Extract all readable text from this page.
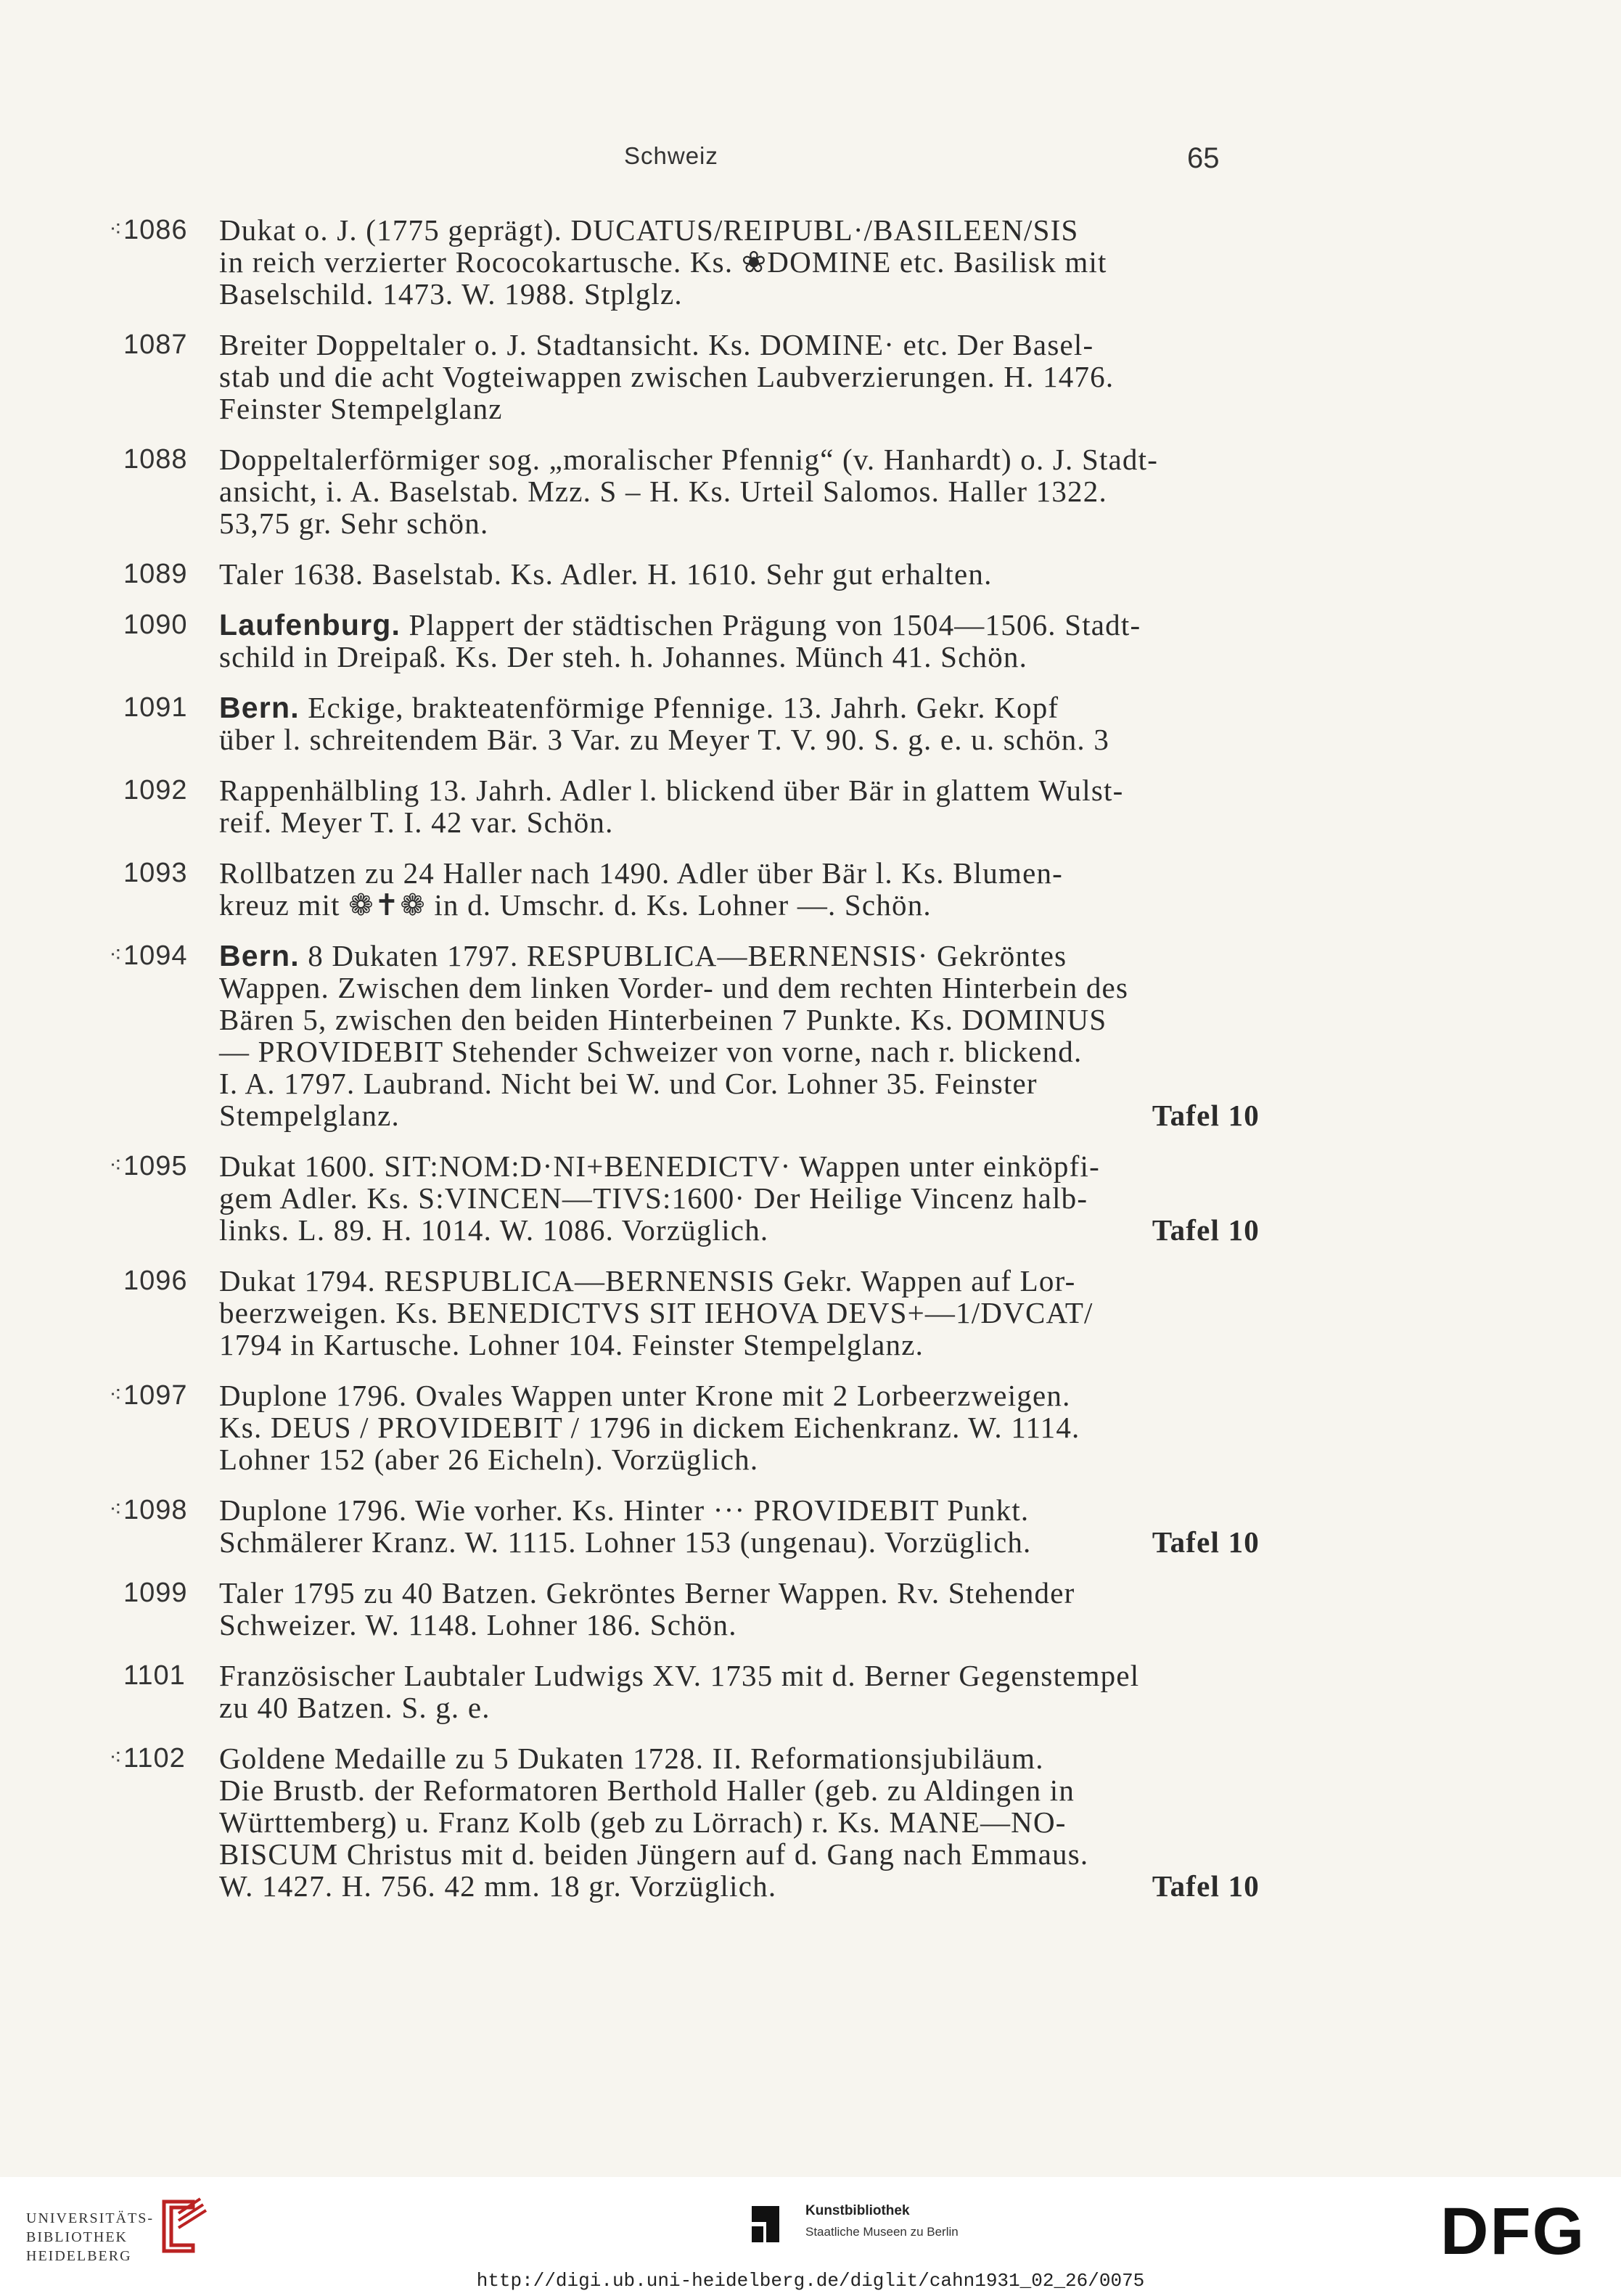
Schweiz	65
⁖ 1086	Dukat o. J. (1775 geprägt). DUCATUS/REIPUBL·/BASILEEN/SIS
in reich verzierter Rococokartusche. Ks. ❀DOMINE etc. Basilisk mit
Baselschild. 1473. W. 1988. Stplglz.
1087	Breiter Doppeltaler o. J. Stadtansicht. Ks. DOMINE· etc. Der Basel-
stab und die acht Vogteiwappen zwischen Laubverzierungen. H. 1476.
Feinster Stempelglanz
1088	Doppeltalerförmiger sog. „moralischer Pfennig“ (v. Hanhardt) o. J. Stadt-
ansicht, i. A. Baselstab. Mzz. S – H. Ks. Urteil Salomos. Haller 1322.
53,75 gr. Sehr schön.
1089	Taler 1638. Baselstab. Ks. Adler. H. 1610. Sehr gut erhalten.
1090	Laufenburg. Plappert der städtischen Prägung von 1504—1506. Stadt-
schild in Dreipaß. Ks. Der steh. h. Johannes. Münch 41. Schön.
1091	Bern. Eckige, brakteatenförmige Pfennige. 13. Jahrh. Gekr. Kopf
über l. schreitendem Bär. 3 Var. zu Meyer T. V. 90. S. g. e. u. schön. 3
1092	Rappenhälbling 13. Jahrh. Adler l. blickend über Bär in glattem Wulst-
reif. Meyer T. I. 42 var. Schön.
1093	Rollbatzen zu 24 Haller nach 1490. Adler über Bär l. Ks. Blumen-
kreuz mit ❁✝❁ in d. Umschr. d. Ks. Lohner —. Schön.
⁖ 1094	Bern. 8 Dukaten 1797. RESPUBLICA—BERNENSIS· Gekröntes
Wappen. Zwischen dem linken Vorder- und dem rechten Hinterbein des
Bären 5, zwischen den beiden Hinterbeinen 7 Punkte. Ks. DOMINUS
— PROVIDEBIT Stehender Schweizer von vorne, nach r. blickend.
I. A. 1797. Laubrand. Nicht bei W. und Cor. Lohner 35. Feinster
Stempelglanz.	Tafel 10
⁖ 1095	Dukat 1600. SIT:NOM:D·NI+BENEDICTV· Wappen unter einköpfi-
gem Adler. Ks. S:VINCEN—TIVS:1600· Der Heilige Vincenz halb-
links. L. 89. H. 1014. W. 1086. Vorzüglich.	Tafel 10
1096	Dukat 1794. RESPUBLICA—BERNENSIS Gekr. Wappen auf Lor-
beerzweigen. Ks. BENEDICTVS SIT IEHOVA DEVS+—1/DVCAT/
1794 in Kartusche. Lohner 104. Feinster Stempelglanz.
⁖ 1097	Duplone 1796. Ovales Wappen unter Krone mit 2 Lorbeerzweigen.
Ks. DEUS / PROVIDEBIT / 1796 in dickem Eichenkranz. W. 1114.
Lohner 152 (aber 26 Eicheln). Vorzüglich.
⁖ 1098	Duplone 1796. Wie vorher. Ks. Hinter ··· PROVIDEBIT Punkt.
Schmälerer Kranz. W. 1115. Lohner 153 (ungenau). Vorzüglich.	Tafel 10
1099	Taler 1795 zu 40 Batzen. Gekröntes Berner Wappen. Rv. Stehender
Schweizer. W. 1148. Lohner 186. Schön.
1101	Französischer Laubtaler Ludwigs XV. 1735 mit d. Berner Gegenstempel
zu 40 Batzen. S. g. e.
⁖ 1102	Goldene Medaille zu 5 Dukaten 1728. II. Reformationsjubiläum.
Die Brustb. der Reformatoren Berthold Haller (geb. zu Aldingen in
Württemberg) u. Franz Kolb (geb zu Lörrach) r. Ks. MANE—NO-
BISCUM Christus mit d. beiden Jüngern auf d. Gang nach Emmaus.
W. 1427. H. 756. 42 mm. 18 gr. Vorzüglich.	Tafel 10
UNIVERSITÄTS-
BIBLIOTHEK
HEIDELBERG
Kunstbibliothek
Staatliche Museen zu Berlin	DFG
http://digi.ub.uni-heidelberg.de/diglit/cahn1931_02_26/0075
